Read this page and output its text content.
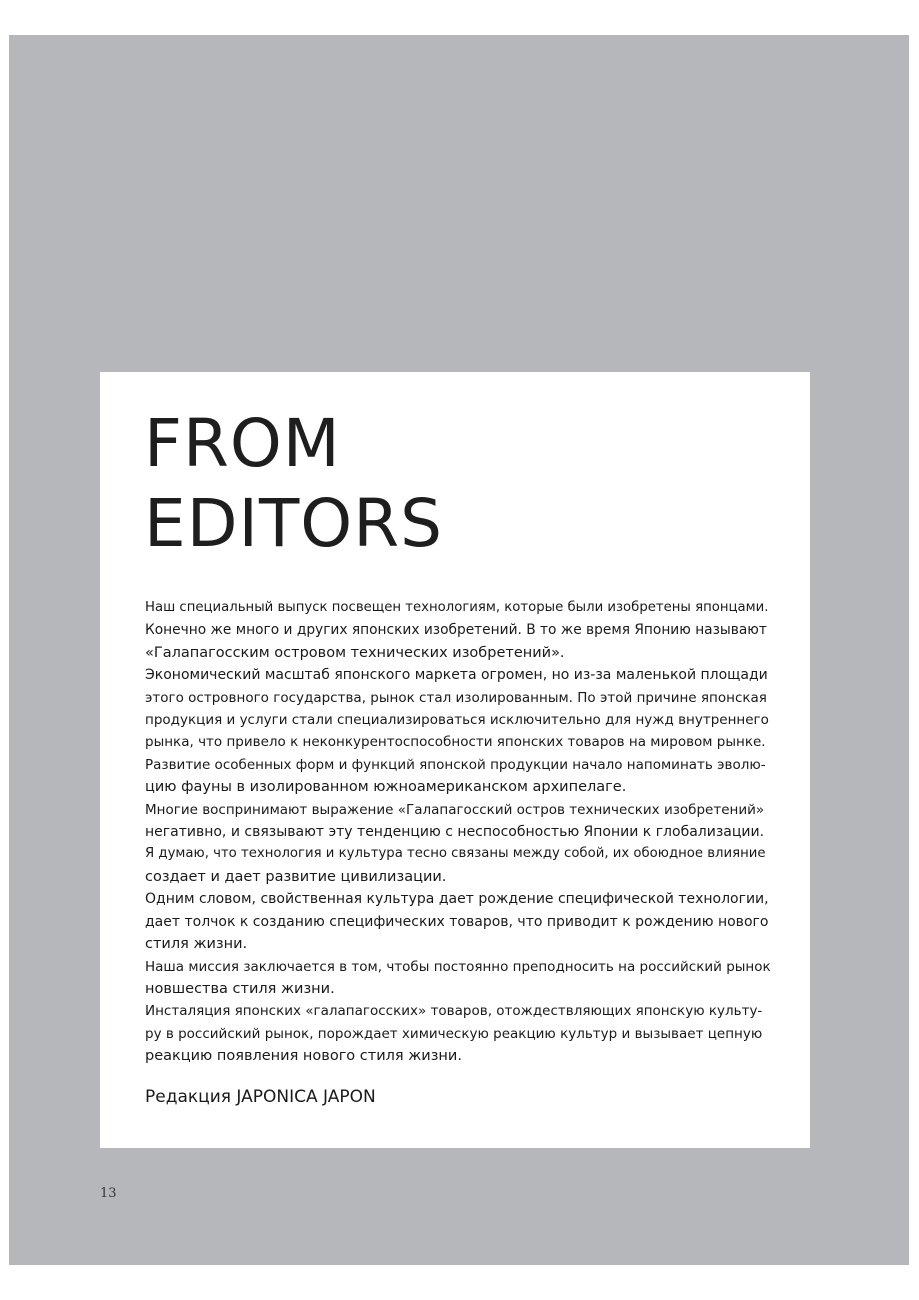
FROM
EDITORS
Наш специальный выпуск посвещен технологиям, которые были изобретены японцами.
Конечно же много и других японских изобретений. В то же время Японию называют
«Галапагосским островом технических изобретений».
Экономический масштаб японского маркета огромен, но из-за маленькой площади
этого островного государства, рынок стал изолированным. По этой причине японская
продукция и услуги стали специализироваться исключительно для нужд внутреннего
рынка, что привело к неконкурентоспособности японских товаров на мировом рынке.
Развитие особенных форм и функций японской продукции начало напоминать эволю-
цию фауны в изолированном южноамериканском архипелаге.
Многие воспринимают выражение «Галапагосский остров технических изобретений»
негативно, и связывают эту тенденцию с неспособностью Японии к глобализации.
Я думаю, что технология и культура тесно связаны между собой, их обоюдное влияние
создает и дает развитие цивилизации.
Одним словом, свойственная культура дает рождение специфической технологии,
дает толчок к созданию специфических товаров, что приводит к рождению нового
стиля жизни.
Наша миссия заключается в том, чтобы постоянно преподносить на российский рынок
новшества стиля жизни.
Инсталяция японских «галапагосских» товаров, отождествляющих японскую культу-
ру в российский рынок, порождает химическую реакцию культур и вызывает цепную
реакцию появления нового стиля жизни.
Редакция JAPONICA JAPON
13
